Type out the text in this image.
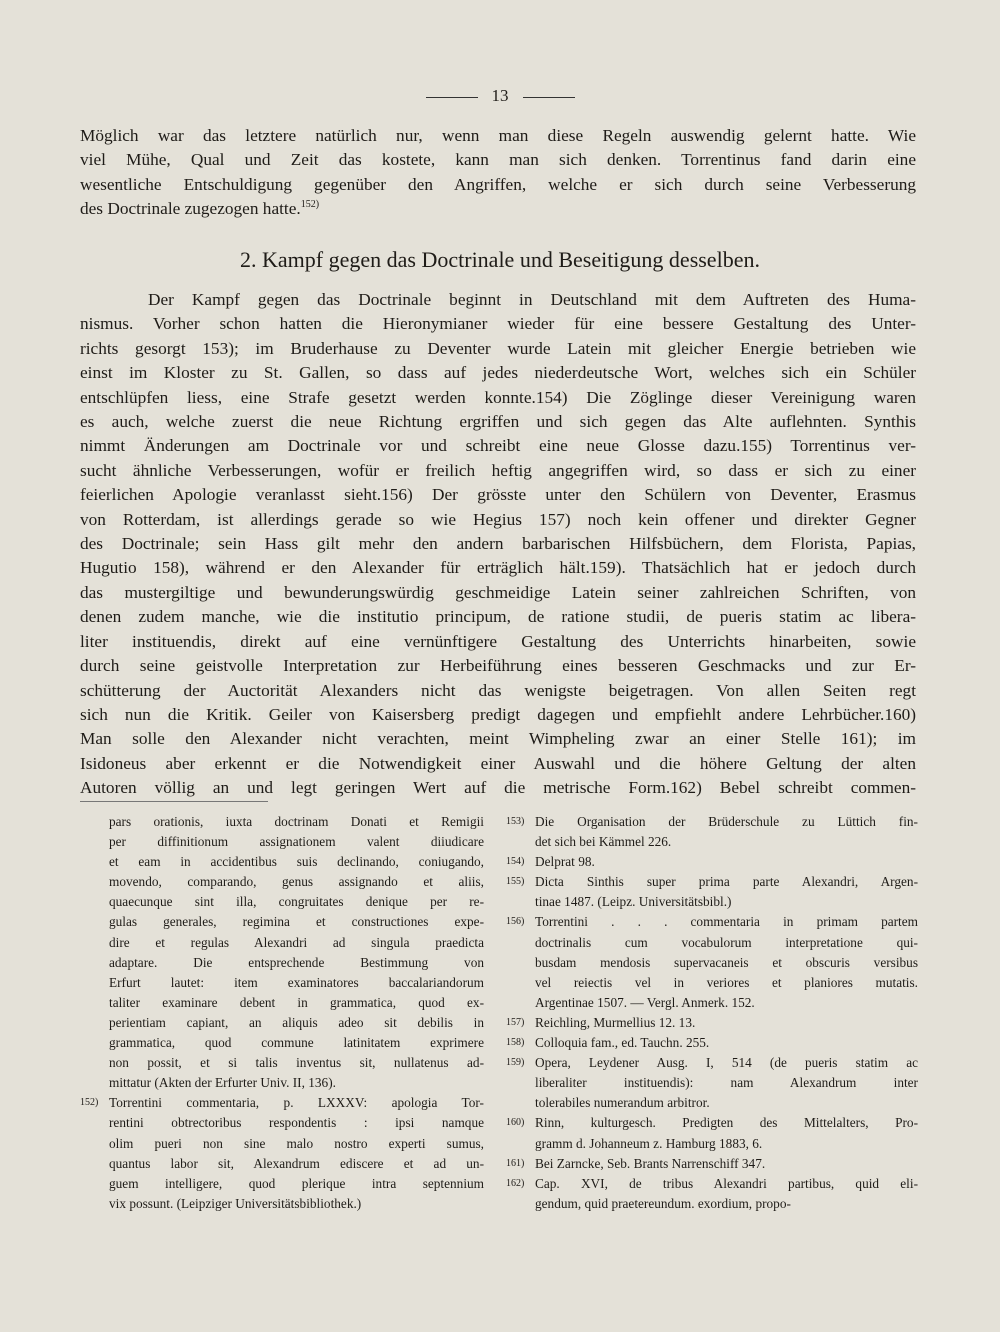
13
Möglich war das letztere natürlich nur, wenn man diese Regeln auswendig gelernt hatte. Wie
viel Mühe, Qual und Zeit das kostete, kann man sich denken. Torrentinus fand darin eine
wesentliche Entschuldigung gegenüber den Angriffen, welche er sich durch seine Verbesserung
des Doctrinale zugezogen hatte.$^{152)}$
2. Kampf gegen das Doctrinale und Beseitigung desselben.
Der Kampf gegen das Doctrinale beginnt in Deutschland mit dem Auftreten des Huma-
nismus. Vorher schon hatten die Hieronymianer wieder für eine bessere Gestaltung des Unter-
richts gesorgt 153); im Bruderhause zu Deventer wurde Latein mit gleicher Energie betrieben wie
einst im Kloster zu St. Gallen, so dass auf jedes niederdeutsche Wort, welches sich ein Schüler
entschlüpfen liess, eine Strafe gesetzt werden konnte.154) Die Zöglinge dieser Vereinigung waren
es auch, welche zuerst die neue Richtung ergriffen und sich gegen das Alte auflehnten. Synthis
nimmt Änderungen am Doctrinale vor und schreibt eine neue Glosse dazu.155) Torrentinus ver-
sucht ähnliche Verbesserungen, wofür er freilich heftig angegriffen wird, so dass er sich zu einer
feierlichen Apologie veranlasst sieht.156) Der grösste unter den Schülern von Deventer, Erasmus
von Rotterdam, ist allerdings gerade so wie Hegius 157) noch kein offener und direkter Gegner
des Doctrinale; sein Hass gilt mehr den andern barbarischen Hilfsbüchern, dem Florista, Papias,
Hugutio 158), während er den Alexander für erträglich hält.159). Thatsächlich hat er jedoch durch
das mustergiltige und bewunderungswürdig geschmeidige Latein seiner zahlreichen Schriften, von
denen zudem manche, wie die institutio principum, de ratione studii, de pueris statim ac libera-
liter instituendis, direkt auf eine vernünftigere Gestaltung des Unterrichts hinarbeiten, sowie
durch seine geistvolle Interpretation zur Herbeiführung eines besseren Geschmacks und zur Er-
schütterung der Auctorität Alexanders nicht das wenigste beigetragen. Von allen Seiten regt
sich nun die Kritik. Geiler von Kaisersberg predigt dagegen und empfiehlt andere Lehrbücher.160)
Man solle den Alexander nicht verachten, meint Wimpheling zwar an einer Stelle 161); im
Isidoneus aber erkennt er die Notwendigkeit einer Auswahl und die höhere Geltung der alten
Autoren völlig an und legt geringen Wert auf die metrische Form.162) Bebel schreibt commen-
pars orationis, iuxta doctrinam Donati et Remigii
per diffinitionum assignationem valent diiudicare
et eam in accidentibus suis declinando, coniugando,
movendo, comparando, genus assignando et aliis,
quaecunque sint illa, congruitates denique per re-
gulas generales, regimina et constructiones expe-
dire et regulas Alexandri ad singula praedicta
adaptare. Die entsprechende Bestimmung von
Erfurt lautet: item examinatores baccalariandorum
taliter examinare debent in grammatica, quod ex-
perientiam capiant, an aliquis adeo sit debilis in
grammatica, quod commune latinitatem exprimere
non possit, et si talis inventus sit, nullatenus ad-
mittatur (Akten der Erfurter Univ. II, 136).
152) Torrentini commentaria, p. LXXXV: apologia Tor-
rentini obtrectoribus respondentis : ipsi namque
olim pueri non sine malo nostro experti sumus,
quantus labor sit, Alexandrum ediscere et ad un-
guem intelligere, quod plerique intra septennium
vix possunt. (Leipziger Universitätsbibliothek.)
153) Die Organisation der Brüderschule zu Lüttich fin-
det sich bei Kämmel 226.
154) Delprat 98.
155) Dicta Sinthis super prima parte Alexandri, Argen-
tinae 1487. (Leipz. Universitätsbibl.)
156) Torrentini . . . commentaria in primam partem
doctrinalis cum vocabulorum interpretatione qui-
busdam mendosis supervacaneis et obscuris versibus
vel reiectis vel in veriores et planiores mutatis.
Argentinae 1507. — Vergl. Anmerk. 152.
157) Reichling, Murmellius 12. 13.
158) Colloquia fam., ed. Tauchn. 255.
159) Opera, Leydener Ausg. I, 514 (de pueris statim ac
liberaliter instituendis): nam Alexandrum inter
tolerabiles numerandum arbitror.
160) Rinn, kulturgesch. Predigten des Mittelalters, Pro-
gramm d. Johanneum z. Hamburg 1883, 6.
161) Bei Zarncke, Seb. Brants Narrenschiff 347.
162) Cap. XVI, de tribus Alexandri partibus, quid eli-
gendum, quid praetereundum. exordium, propo-
